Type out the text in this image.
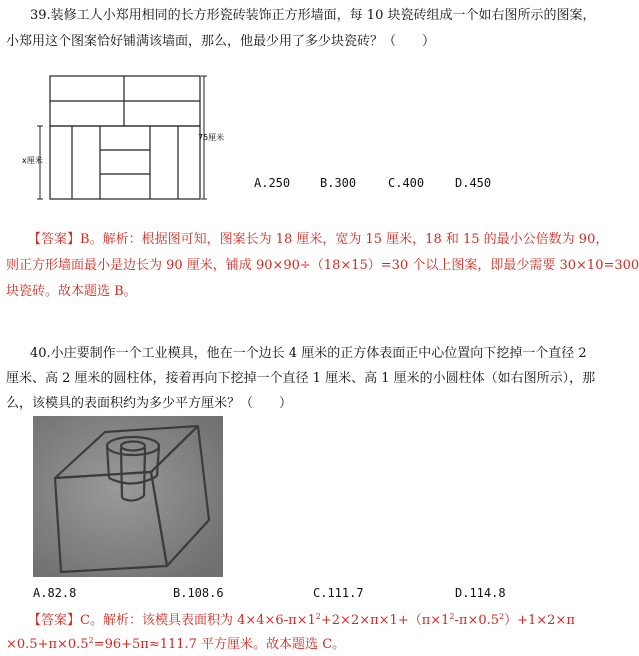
39.装修工人小郑用相同的长方形瓷砖装饰正方形墙面，每 10 块瓷砖组成一个如右图所示的图案，
小郑用这个图案恰好铺满该墙面，那么，他最少用了多少块瓷砖？（　　）
75厘米
x厘米
A.250 B.300	C.400	D.450
【答案】B。解析：根据图可知，图案长为 18 厘米，宽为 15 厘米，18 和 15 的最小公倍数为 90，
则正方形墙面最小是边长为 90 厘米，铺成 90×90÷（18×15）=30 个以上图案，即最少需要 30×10=300
块瓷砖。故本题选 B。
40.小庄要制作一个工业模具，他在一个边长 4 厘米的正方体表面正中心位置向下挖掉一个直径 2
厘米、高 2 厘米的圆柱体，接着再向下挖掉一个直径 1 厘米、高 1 厘米的小圆柱体（如右图所示），那
么，该模具的表面积约为多少平方厘米？（　　）
A.82.8	B.108.6	C.111.7	D.114.8
【答案】C。解析：该模具表面积为 $4\times 4\times 6-\pi\times 1^2+2\times 2\times\pi\times 1+(\pi\times 1^2-\pi\times 0.5^2)+1\times 2\times\pi$
$\times 0.5+\pi\times 0.5^2=96+5\pi\approx 111.7$ 平方厘米。故本题选 C。
